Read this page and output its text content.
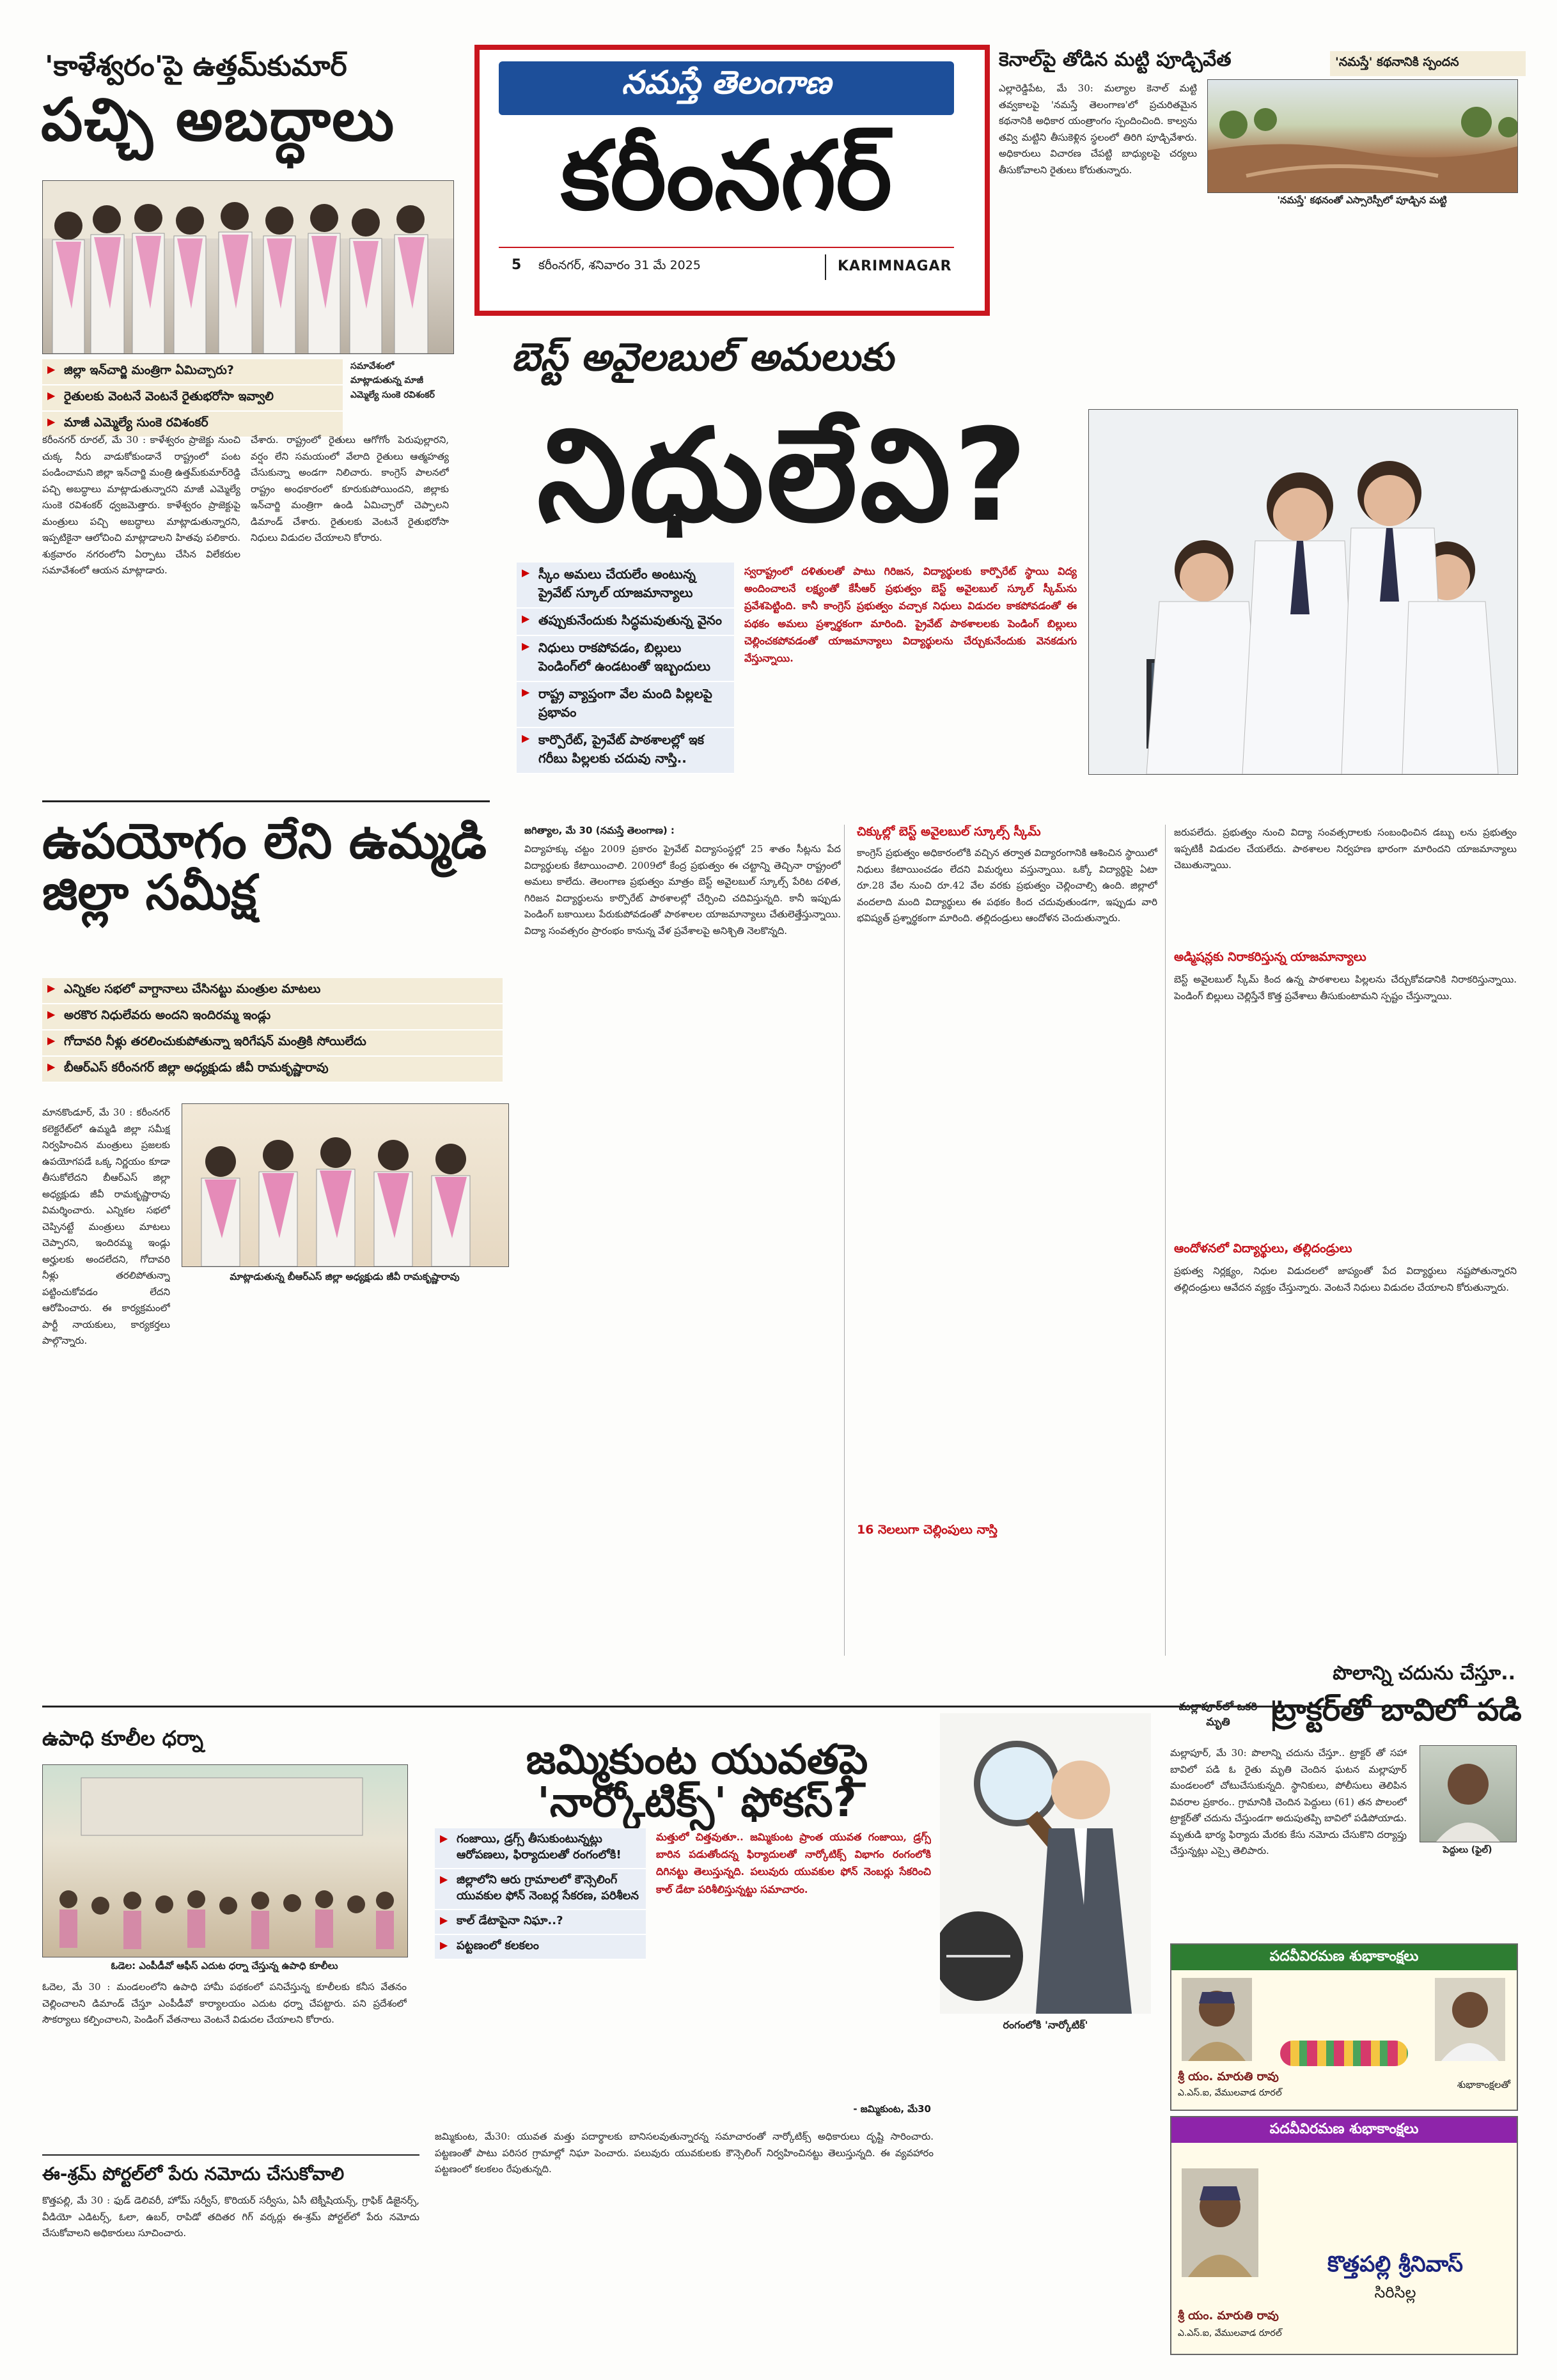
'కాళేశ్వరం'పై ఉత్తమ్‌కుమార్
పచ్చి అబద్ధాలు
▶ జిల్లా ఇన్‌చార్జి మంత్రిగా ఏమిచ్చారు?
▶ రైతులకు వెంటనే వెంటనే రైతుభరోసా ఇవ్వాలి
▶ మాజీ ఎమ్మెల్యే సుంకె రవిశంకర్
సమావేశంలో మాట్లాడుతున్న మాజీ ఎమ్మెల్యే సుంకె రవిశంకర్
కరీంనగర్ రూరల్, మే 30 : కాళేశ్వరం ప్రాజెక్టు నుంచి చుక్క నీరు వాడుకోకుండానే రాష్ట్రంలో పంట పండించామని జిల్లా ఇన్‌చార్జి మంత్రి ఉత్తమ్‌కుమార్‌రెడ్డి పచ్చి అబద్ధాలు మాట్లాడుతున్నారని మాజీ ఎమ్మెల్యే సుంకె రవిశంకర్ ధ్వజమెత్తారు. కాళేశ్వరం ప్రాజెక్టుపై మంత్రులు పచ్చి అబద్ధాలు మాట్లాడుతున్నారని, ఇప్పటికైనా ఆలోచించి మాట్లాడాలని హితవు పలికారు. శుక్రవారం నగరంలోని ఏర్పాటు చేసిన విలేకరుల సమావేశంలో ఆయన మాట్లాడారు.
చేశారు. రాష్ట్రంలో రైతులు ఆగోగోం పెరుపుల్లారని, వర్షం లేని సమయంలో వేలాది రైతులు ఆత్మహత్య చేసుకున్నా అండగా నిలిచారు. కాంగ్రెస్ పాలనలో రాష్ట్రం అంధకారంలో కూరుకుపోయిందని, జిల్లాకు ఇన్‌చార్జి మంత్రిగా ఉండి ఏమిచ్చారో చెప్పాలని డిమాండ్ చేశారు. రైతులకు వెంటనే రైతుభరోసా నిధులు విడుదల చేయాలని కోరారు.
నమస్తే తెలంగాణ
కరీంనగర్
5 కరీంనగర్, శనివారం 31 మే 2025	KARIMNAGAR
కెనాల్‌పై తోడిన మట్టి పూడ్చివేత	'నమస్తే' కథనానికి స్పందన
ఎల్లారెడ్డిపేట, మే 30: మల్యాల కెనాల్ మట్టి తవ్వకాలపై 'నమస్తే తెలంగాణ'లో ప్రచురితమైన కథనానికి అధికార యంత్రాంగం స్పందించింది. కాల్వను తవ్వి మట్టిని తీసుకెళ్లిన స్థలంలో తిరిగి పూడ్చివేశారు. అధికారులు విచారణ చేపట్టి బాధ్యులపై చర్యలు తీసుకోవాలని రైతులు కోరుతున్నారు.
'నమస్తే' కథనంతో ఎస్సారెస్పీలో పూడ్చిన మట్టి
బెస్ట్ అవైలబుల్ అమలుకు
నిధులేవి?
▶ స్కీం అమలు చేయలేం అంటున్న ప్రైవేట్ స్కూల్ యాజమాన్యాలు
▶ తప్పుకునేందుకు సిద్ధమవుతున్న వైనం
▶ నిధులు రాకపోవడం, బిల్లులు పెండింగ్‌లో ఉండటంతో ఇబ్బందులు
▶ రాష్ట్ర వ్యాప్తంగా వేల మంది పిల్లలపై ప్రభావం
▶ కార్పొరేట్, ప్రైవేట్ పాఠశాలల్లో ఇక గరీబు పిల్లలకు చదువు నాస్తి..
స్వరాష్ట్రంలో దళితులతో పాటు గిరిజన, విద్యార్థులకు కార్పొరేట్ స్థాయి విద్య అందించాలనే లక్ష్యంతో కేసీఆర్ ప్రభుత్వం బెస్ట్ అవైలబుల్ స్కూల్ స్కీమ్‌ను ప్రవేశపెట్టింది. కానీ కాంగ్రెస్ ప్రభుత్వం వచ్చాక నిధులు విడుదల కాకపోవడంతో ఈ పథకం అమలు ప్రశ్నార్థకంగా మారింది. ప్రైవేట్ పాఠశాలలకు పెండింగ్ బిల్లులు చెల్లించకపోవడంతో యాజమాన్యాలు విద్యార్థులను చేర్చుకునేందుకు వెనకడుగు వేస్తున్నాయి.
జగిత్యాల, మే 30 (నమస్తే తెలంగాణ) :
విద్యాహక్కు చట్టం 2009 ప్రకారం ప్రైవేట్ విద్యాసంస్థల్లో 25 శాతం సీట్లను పేద విద్యార్థులకు కేటాయించాలి. 2009లో కేంద్ర ప్రభుత్వం ఈ చట్టాన్ని తెచ్చినా రాష్ట్రంలో అమలు కాలేదు. తెలంగాణ ప్రభుత్వం మాత్రం బెస్ట్ అవైలబుల్ స్కూల్స్ పేరిట దళిత, గిరిజన విద్యార్థులను కార్పొరేట్ పాఠశాలల్లో చేర్పించి చదివిస్తున్నది. కానీ ఇప్పుడు పెండింగ్ బకాయిలు పేరుకుపోవడంతో పాఠశాలల యాజమాన్యాలు చేతులెత్తేస్తున్నాయి. విద్యా సంవత్సరం ప్రారంభం కానున్న వేళ ప్రవేశాలపై అనిశ్చితి నెలకొన్నది.
చిక్కుల్లో బెస్ట్ అవైలబుల్ స్కూల్స్ స్కీమ్
కాంగ్రెస్ ప్రభుత్వం అధికారంలోకి వచ్చిన తర్వాత విద్యారంగానికి ఆశించిన స్థాయిలో నిధులు కేటాయించడం లేదని విమర్శలు వస్తున్నాయి. ఒక్కో విద్యార్థిపై ఏటా రూ.28 వేల నుంచి రూ.42 వేల వరకు ప్రభుత్వం చెల్లించాల్సి ఉంది. జిల్లాలో వందలాది మంది విద్యార్థులు ఈ పథకం కింద చదువుతుండగా, ఇప్పుడు వారి భవిష్యత్ ప్రశ్నార్థకంగా మారింది. తల్లిదండ్రులు ఆందోళన చెందుతున్నారు.
16 నెలలుగా చెల్లింపులు నాస్తి
జరుపలేదు. ప్రభుత్వం నుంచి విద్యా సంవత్సరాలకు సంబంధించిన డబ్బు లను ప్రభుత్వం ఇప్పటికీ విడుదల చేయలేదు. పాఠశాలల నిర్వహణ భారంగా మారిందని యాజమాన్యాలు చెబుతున్నాయి.
అడ్మిషన్లకు నిరాకరిస్తున్న యాజమాన్యాలు
బెస్ట్ అవైలబుల్ స్కీమ్ కింద ఉన్న పాఠశాలలు పిల్లలను చేర్చుకోవడానికి నిరాకరిస్తున్నాయి. పెండింగ్ బిల్లులు చెల్లిస్తేనే కొత్త ప్రవేశాలు తీసుకుంటామని స్పష్టం చేస్తున్నాయి.
ఆందోళనలో విద్యార్థులు, తల్లిదండ్రులు
ప్రభుత్వ నిర్లక్ష్యం, నిధుల విడుదలలో జాప్యంతో పేద విద్యార్థులు నష్టపోతున్నారని తల్లిదండ్రులు ఆవేదన వ్యక్తం చేస్తున్నారు. వెంటనే నిధులు విడుదల చేయాలని కోరుతున్నారు.
ఉపయోగం లేని ఉమ్మడి జిల్లా సమీక్ష
▶ ఎన్నికల సభలో వాగ్దానాలు చేసినట్టు మంత్రుల మాటలు
▶ అరకొర నిధులేవరు అందని ఇందిరమ్మ ఇండ్లు
▶ గోదావరి నీళ్లు తరలించుకుపోతున్నా ఇరిగేషన్ మంత్రికి సోయిలేదు
▶ బీఆర్ఎస్ కరీంనగర్ జిల్లా అధ్యక్షుడు జీవీ రామకృష్ణారావు
మానకొండూర్, మే 30 : కరీంనగర్ కలెక్టరేట్‌లో ఉమ్మడి జిల్లా సమీక్ష నిర్వహించిన మంత్రులు ప్రజలకు ఉపయోగపడే ఒక్క నిర్ణయం కూడా తీసుకోలేదని బీఆర్ఎస్ జిల్లా అధ్యక్షుడు జీవీ రామకృష్ణారావు విమర్శించారు. ఎన్నికల సభలో చెప్పినట్టే మంత్రులు మాటలు చెప్పారని, ఇందిరమ్మ ఇండ్లు అర్హులకు అందలేదని, గోదావరి నీళ్లు తరలిపోతున్నా పట్టించుకోవడం లేదని ఆరోపించారు. ఈ కార్యక్రమంలో పార్టీ నాయకులు, కార్యకర్తలు పాల్గొన్నారు.
మాట్లాడుతున్న బీఆర్ఎస్ జిల్లా అధ్యక్షుడు జీవీ రామకృష్ణారావు
ఉపాధి కూలీల ధర్నా
ఓడెల: ఎంపీడీవో ఆఫీస్ ఎదుట ధర్నా చేస్తున్న ఉపాధి కూలీలు
ఓదెల, మే 30 : మండలంలోని ఉపాధి హామీ పథకంలో పనిచేస్తున్న కూలీలకు కనీస వేతనం చెల్లించాలని డిమాండ్ చేస్తూ ఎంపీడీవో కార్యాలయం ఎదుట ధర్నా చేపట్టారు. పని ప్రదేశంలో సౌకర్యాలు కల్పించాలని, పెండింగ్ వేతనాలు వెంటనే విడుదల చేయాలని కోరారు.
ఈ-శ్రమ్ పోర్టల్‌లో పేరు నమోదు చేసుకోవాలి
కొత్తపల్లి, మే 30 : ఫుడ్ డెలివరీ, హోమ్ సర్వీస్, కొరియర్ సర్వీసు, ఏసీ టెక్నీషియన్స్, గ్రాఫిక్ డిజైనర్స్, వీడియో ఎడిటర్స్, ఓలా, ఉబర్, రాపిడో తదితర గిగ్ వర్కర్లు ఈ-శ్రమ్ పోర్టల్‌లో పేరు నమోదు చేసుకోవాలని అధికారులు సూచించారు.
జమ్మికుంట యువతపై 'నార్కోటిక్స్' ఫోకస్?
రంగంలోకి 'నార్కోటిక్'
▶ గంజాయి, డ్రగ్స్ తీసుకుంటున్నట్లు ఆరోపణలు, ఫిర్యాదులతో రంగంలోకి!
▶ జిల్లాలోని ఆరు గ్రామాలలో కౌన్సెలింగ్ యువకుల ఫోన్ నెంబర్ల సేకరణ, పరిశీలన
▶ కాల్ డేటాపైనా నిఘా..?
▶ పట్టణంలో కలకలం
మత్తులో చిత్తవుతూ.. జమ్మికుంట ప్రాంత యువత గంజాయి, డ్రగ్స్ బారిన పడుతోందన్న ఫిర్యాదులతో నార్కోటిక్స్ విభాగం రంగంలోకి దిగినట్టు తెలుస్తున్నది. పలువురు యువకుల ఫోన్ నెంబర్లు సేకరించి కాల్ డేటా పరిశీలిస్తున్నట్టు సమాచారం.
- జమ్మికుంట, మే30
జమ్మికుంట, మే30: యువత మత్తు పదార్థాలకు బానిసలవుతున్నారన్న సమాచారంతో నార్కోటిక్స్ అధికారులు దృష్టి సారించారు. పట్టణంతో పాటు పరిసర గ్రామాల్లో నిఘా పెంచారు. పలువురు యువకులకు కౌన్సెలింగ్ నిర్వహించినట్టు తెలుస్తున్నది. ఈ వ్యవహారం పట్టణంలో కలకలం రేపుతున్నది.
పొలాన్ని చదును చేస్తూ..
మల్లాపూర్‌లో ఒకరి మృతి	ట్రాక్టర్‌తో బావిలో పడి
మల్లాపూర్, మే 30: పొలాన్ని చదును చేస్తూ.. ట్రాక్టర్ తో సహా బావిలో పడి ఓ రైతు మృతి చెందిన ఘటన మల్లాపూర్ మండలంలో చోటుచేసుకున్నది. స్థానికులు, పోలీసులు తెలిపిన వివరాల ప్రకారం.. గ్రామానికి చెందిన పెద్దులు (61) తన పొలంలో ట్రాక్టర్‌తో చదును చేస్తుండగా అదుపుతప్పి బావిలో పడిపోయాడు. మృతుడి భార్య ఫిర్యాదు మేరకు కేసు నమోదు చేసుకొని దర్యాప్తు చేస్తున్నట్లు ఎస్సై తెలిపారు.	పెద్దులు (ఫైల్)
పదవీవిరమణ శుభాకాంక్షలు
శ్రీ యం. మారుతి రావు
ఎ.ఎస్.ఐ, వేములవాడ రూరల్
శుభాకాంక్షలతో
పదవీవిరమణ శుభాకాంక్షలు
శ్రీ యం. మారుతి రావు
ఎ.ఎస్.ఐ, వేములవాడ రూరల్
కొత్తపల్లి శ్రీనివాస్
సిరిసిల్ల
